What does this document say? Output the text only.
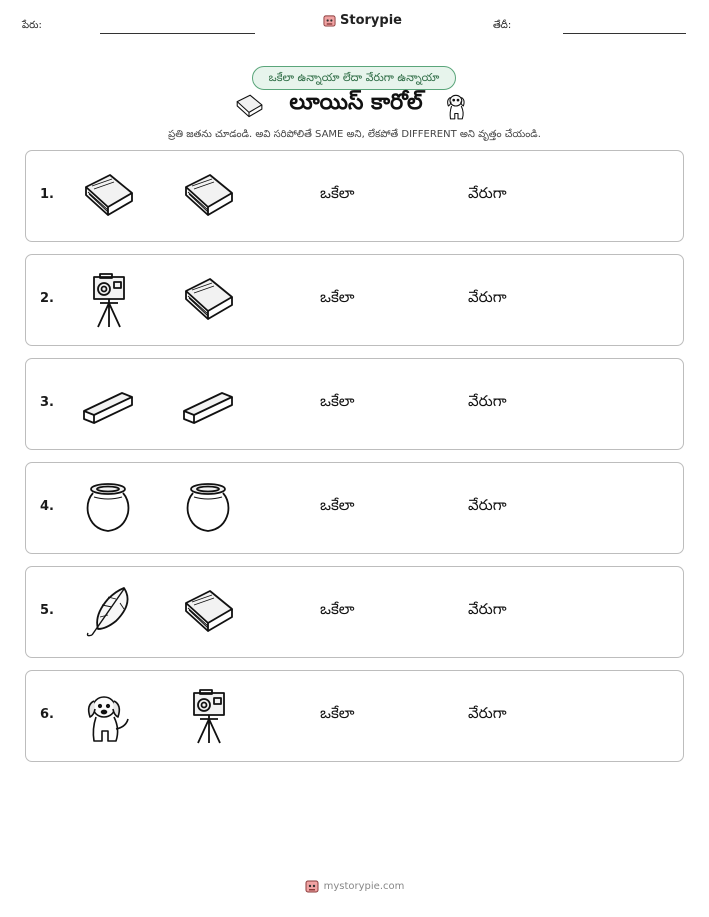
పేరు:	Storypie	తేదీ:
ఒకేలా ఉన్నాయా లేదా వేరుగా ఉన్నాయా
లూయిస్ కారోల్
ప్రతి జతను చూడండి. అవి సరిపోలితే SAME అని, లేకపోతే DIFFERENT అని వృత్తం చేయండి.
1.	ఒకేలా	వేరుగా
2.	ఒకేలా	వేరుగా
3.	ఒకేలా	వేరుగా
4.	ఒకేలా	వేరుగా
5.	ఒకేలా	వేరుగా
6.	ఒకేలా	వేరుగా
mystorypie.com
